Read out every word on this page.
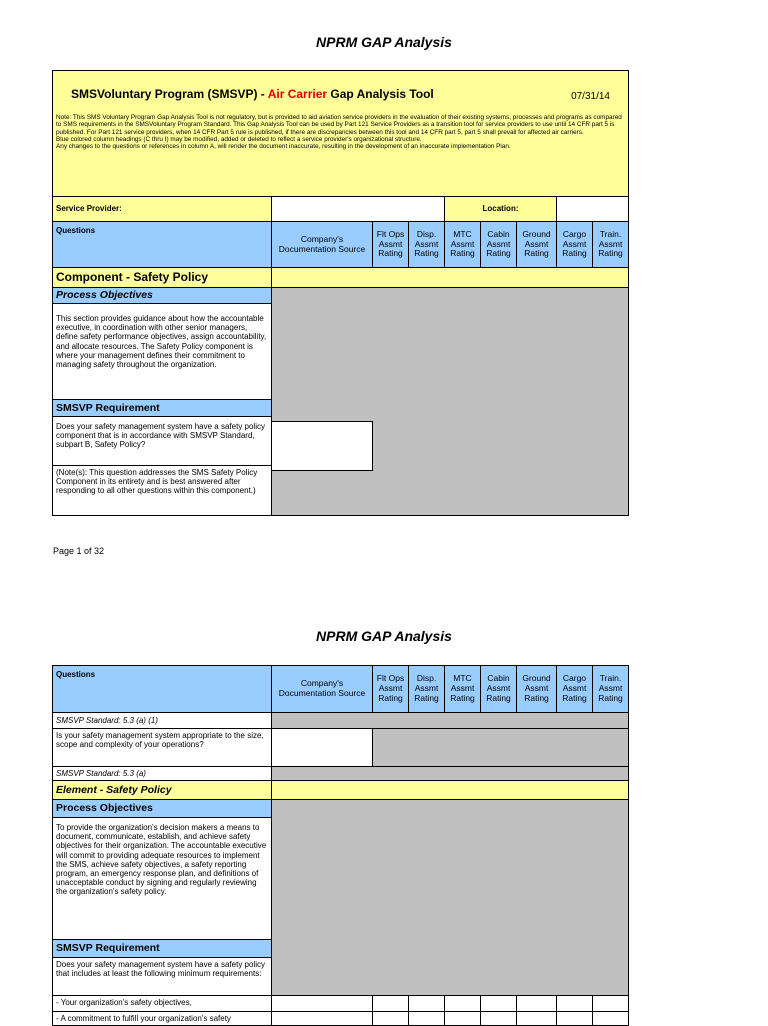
NPRM GAP Analysis
SMSVoluntary Program (SMSVP) - Air Carrier Gap Analysis Tool 07/31/14
Note: This SMS Voluntary Program Gap Analysis Tool is not regulatory, but is provided to aid aviation service providers in the evaluation of their existing systems, processes and programs as compared to SMS requirements in the SMSVoluntary Program Standard. This Gap Analysis Tool can be used by Part 121 Service Providers as a transition tool for service providers to use until 14 CFR part 5 is published. For Part 121 service providers, when 14 CFR Part 5 rule is published, if there are discrepancies between this tool and 14 CFR part 5, part 5 shall prevail for affected air carriers.
Blue colored column headings (C thru I) may be modified, added or deleted to reflect a service provider's organizational structure.
Any changes to the questions or references in column A, will render the document inaccurate, resulting in the development of an inaccurate implementation Plan.								

Service Provider:				Location:				
Questions	Company's Documentation Source	Flt Ops
Assmt
Rating	Disp.
Assmt
Rating	MTC
Assmt
Rating	Cabin
Assmt
Rating	Ground
Assmt
Rating	Cargo
Assmt
Rating	Train.
Assmt
Rating
Component - Safety Policy								
Process Objectives								
This section provides guidance about how the accountable executive, in coordination with other senior managers, define safety performance objectives, assign accountability, and allocate resources. The Safety Policy component is where your management defines their commitment to managing safety throughout the organization.								
SMSVP Requirement								
Does your safety management system have a safety policy component that is in accordance with SMSVP Standard, subpart B, Safety Policy?								
(Note(s): This question addresses the SMS Safety Policy Component in its entirety and is best answered after responding to all other questions within this component.)								
Page 1 of 32
NPRM GAP Analysis
Questions	Company's Documentation Source	Flt Ops
Assmt
Rating	Disp.
Assmt
Rating	MTC
Assmt
Rating	Cabin
Assmt
Rating	Ground
Assmt
Rating	Cargo
Assmt
Rating	Train.
Assmt
Rating
SMSVP Standard: 5.3 (a) (1)								
Is your safety management system appropriate to the size, scope and complexity of your operations?								
SMSVP Standard: 5.3 (a)								
Element - Safety Policy								
Process Objectives								
To provide the organization's decision makers a means to document, communicate, establish, and achieve safety objectives for their organization. The accountable executive will commit to providing adequate resources to implement the SMS, achieve safety objectives, a safety reporting program, an emergency response plan, and definitions of unacceptable conduct by signing and regularly reviewing the organization's safety policy.								
SMSVP Requirement								
Does your safety management system have a safety policy that includes at least the following minimum requirements:								
- Your organization's safety objectives,								
- A commitment to fulfill your organization's safety								
